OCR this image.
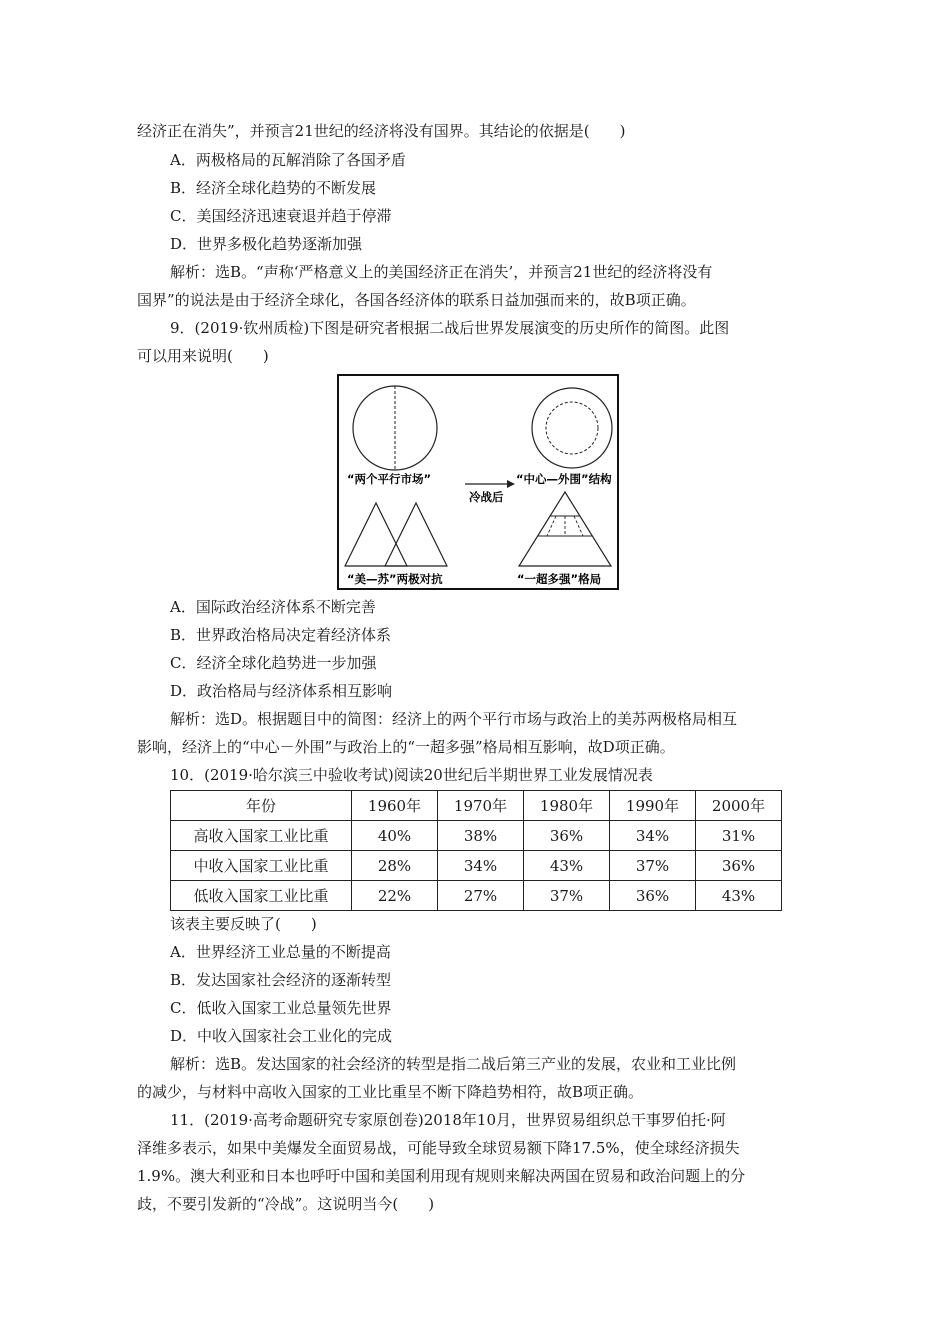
经济正在消失”，并预言21世纪的经济将没有国界。其结论的依据是(　　)
A．两极格局的瓦解消除了各国矛盾
B．经济全球化趋势的不断发展
C．美国经济迅速衰退并趋于停滞
D．世界多极化趋势逐渐加强
解析：选B。“声称‘严格意义上的美国经济正在消失’，并预言21世纪的经济将没有
国界”的说法是由于经济全球化，各国各经济体的联系日益加强而来的，故B项正确。
9．(2019·钦州质检)下图是研究者根据二战后世界发展演变的历史所作的简图。此图
可以用来说明(　　)
“两个平行市场”	“中心—外围”结构
冷战后
“美—苏”两极对抗	“一超多强”格局
A．国际政治经济体系不断完善
B．世界政治格局决定着经济体系
C．经济全球化趋势进一步加强
D．政治格局与经济体系相互影响
解析：选D。根据题目中的简图：经济上的两个平行市场与政治上的美苏两极格局相互
影响，经济上的“中心－外围”与政治上的“一超多强”格局相互影响，故D项正确。
10．(2019·哈尔滨三中验收考试)阅读20世纪后半期世界工业发展情况表
年份	1960年	1970年	1980年	1990年	2000年
高收入国家工业比重	40%	38%	36%	34%	31%
中收入国家工业比重	28%	34%	43%	37%	36%
低收入国家工业比重	22%	27%	37%	36%	43%
该表主要反映了(　　)
A．世界经济工业总量的不断提高
B．发达国家社会经济的逐渐转型
C．低收入国家工业总量领先世界
D．中收入国家社会工业化的完成
解析：选B。发达国家的社会经济的转型是指二战后第三产业的发展，农业和工业比例
的减少，与材料中高收入国家的工业比重呈不断下降趋势相符，故B项正确。
11．(2019·高考命题研究专家原创卷)2018年10月，世界贸易组织总干事罗伯托·阿
泽维多表示，如果中美爆发全面贸易战，可能导致全球贸易额下降17.5%，使全球经济损失
1.9%。澳大利亚和日本也呼吁中国和美国利用现有规则来解决两国在贸易和政治问题上的分
歧，不要引发新的“冷战”。这说明当今(　　)
